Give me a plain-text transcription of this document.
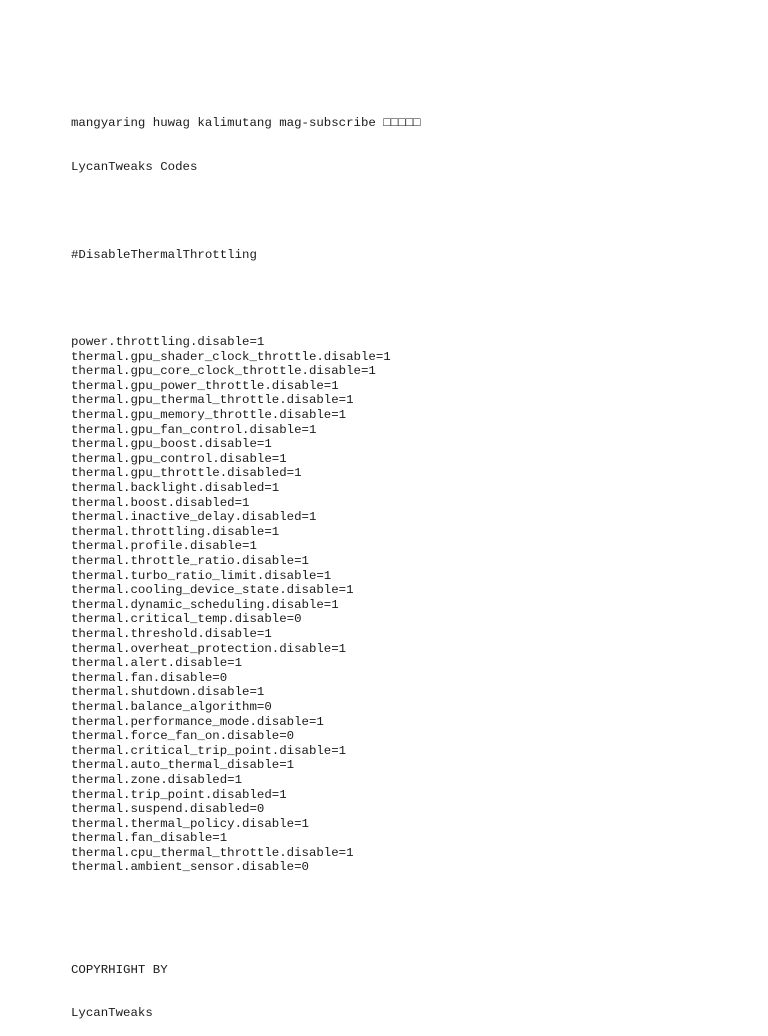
mangyaring huwag kalimutang mag-subscribe □□□□□

LycanTweaks Codes

#DisableThermalThrottling

power.throttling.disable=1
thermal.gpu_shader_clock_throttle.disable=1
thermal.gpu_core_clock_throttle.disable=1
thermal.gpu_power_throttle.disable=1
thermal.gpu_thermal_throttle.disable=1
thermal.gpu_memory_throttle.disable=1
thermal.gpu_fan_control.disable=1
thermal.gpu_boost.disable=1
thermal.gpu_control.disable=1
thermal.gpu_throttle.disabled=1
thermal.backlight.disabled=1
thermal.boost.disabled=1
thermal.inactive_delay.disabled=1
thermal.throttling.disable=1
thermal.profile.disable=1
thermal.throttle_ratio.disable=1
thermal.turbo_ratio_limit.disable=1
thermal.cooling_device_state.disable=1
thermal.dynamic_scheduling.disable=1
thermal.critical_temp.disable=0
thermal.threshold.disable=1
thermal.overheat_protection.disable=1
thermal.alert.disable=1
thermal.fan.disable=0
thermal.shutdown.disable=1
thermal.balance_algorithm=0
thermal.performance_mode.disable=1
thermal.force_fan_on.disable=0
thermal.critical_trip_point.disable=1
thermal.auto_thermal_disable=1
thermal.zone.disabled=1
thermal.trip_point.disabled=1
thermal.suspend.disabled=0
thermal.thermal_policy.disable=1
thermal.fan_disable=1
thermal.cpu_thermal_throttle.disable=1
thermal.ambient_sensor.disable=0

COPYRHIGHT BY

LycanTweaks
